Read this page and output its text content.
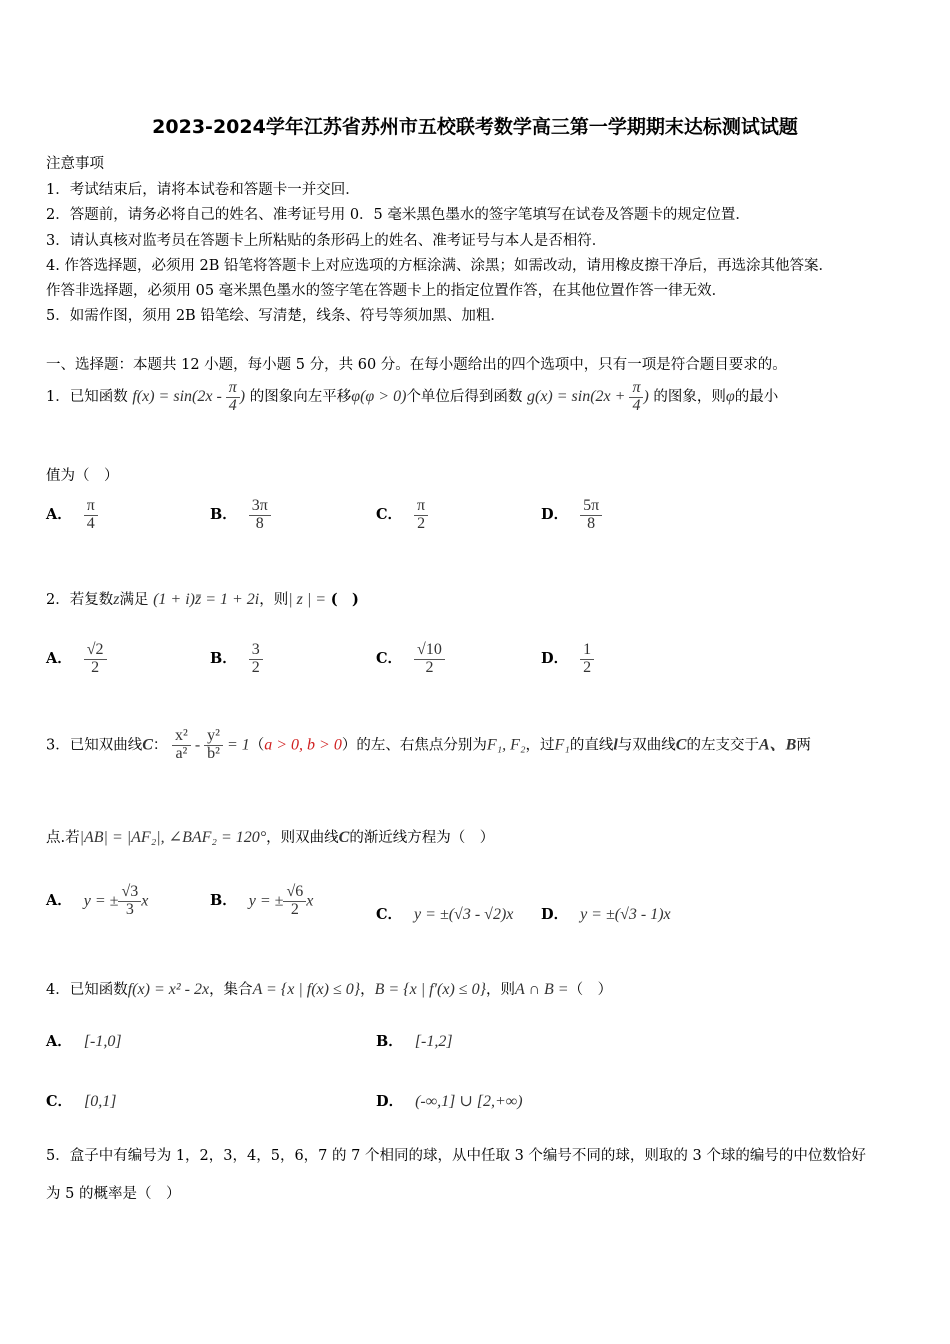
2023-2024学年江苏省苏州市五校联考数学高三第一学期期末达标测试试题
注意事项
1．考试结束后，请将本试卷和答题卡一并交回．
2．答题前，请务必将自己的姓名、准考证号用 0．5 毫米黑色墨水的签字笔填写在试卷及答题卡的规定位置．
3．请认真核对监考员在答题卡上所粘贴的条形码上的姓名、准考证号与本人是否相符．
4. 作答选择题，必须用 2B 铅笔将答题卡上对应选项的方框涂满、涂黑；如需改动，请用橡皮擦干净后，再选涂其他答案．
作答非选择题，必须用 05 毫米黑色墨水的签字笔在答题卡上的指定位置作答，在其他位置作答一律无效．
5．如需作图，须用 2B 铅笔绘、写清楚，线条、符号等须加黑、加粗．
一、选择题：本题共 12 小题，每小题 5 分，共 60 分。在每小题给出的四个选项中，只有一项是符合题目要求的。
1．已知函数 $f(x) = \sin(2x - \frac{\pi}{4}$ ) 的图象向左平移φ(φ > 0)个单位后得到函数 $g(x) = \sin(2x + \frac{\pi}{4}$ ) 的图象，则φ的最小
值为（　）
A． $\frac{\pi}{4}$	B． $\frac{3\pi}{8}$	C． $\frac{\pi}{2}$	D． $\frac{5\pi}{8}$
2．若复数z满足 (1 + i)z̄ = 1 + 2i，则| z | = (　)
A． $\frac{√2}{2}$	B． $\frac{3}{2}$	C． $\frac{√10}{2}$	D． $\frac{1}{2}$
3．已知双曲线C： $\frac{\text{x²}}{\text{a²}} - \frac{\text{y²}}{\text{b²}} = 1(a > 0$, b > 0）的左、右焦点分别为F₁, F₂，过F₁的直线l与双曲线C的左支交于A、B两
点.若|AB| = |AF₂|, ∠BAF₂ = 120°，则双曲线C的渐近线方程为（　）
A． y = ± $\frac{√3}{3}$ x	B． y = ± $\frac{√6}{2}$ x
C． y = ±(√3 - √2)x D． y = ±(√3 - 1)x
4．已知函数f(x) = x² - 2x，集合A = {x | f(x) ≤ 0}，B = {x | f′(x) ≤ 0}，则A ∩ B =（　）
A． [-1,0]	B． [-1,2]
C． [0,1]	D． (-∞,1] ∪ [2,+∞)
5．盒子中有编号为 1，2，3，4，5，6，7 的 7 个相同的球，从中任取 3 个编号不同的球，则取的 3 个球的编号的中位数恰好
为 5 的概率是（　）
